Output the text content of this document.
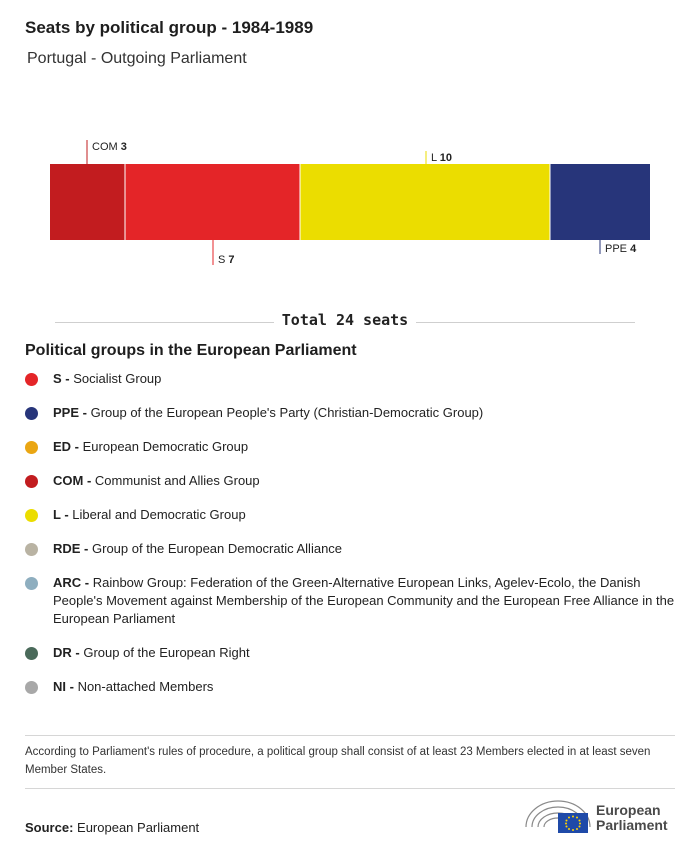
Seats by political group - 1984-1989
Portugal - Outgoing Parliament
COM 3
S 7
L 10
PPE 4
Total 24 seats
Political groups in the European Parliament
S - Socialist Group
PPE - Group of the European People's Party (Christian-Democratic Group)
ED - European Democratic Group
COM - Communist and Allies Group
L - Liberal and Democratic Group
RDE - Group of the European Democratic Alliance
ARC - Rainbow Group: Federation of the Green-Alternative European Links, Agelev-Ecolo, the Danish People's Movement against Membership of the European Community and the European Free Alliance in the European Parliament
DR - Group of the European Right
NI - Non-attached Members
According to Parliament's rules of procedure, a political group shall consist of at least 23 Members elected in at least seven Member States.
Source: European Parliament
European
Parliament
